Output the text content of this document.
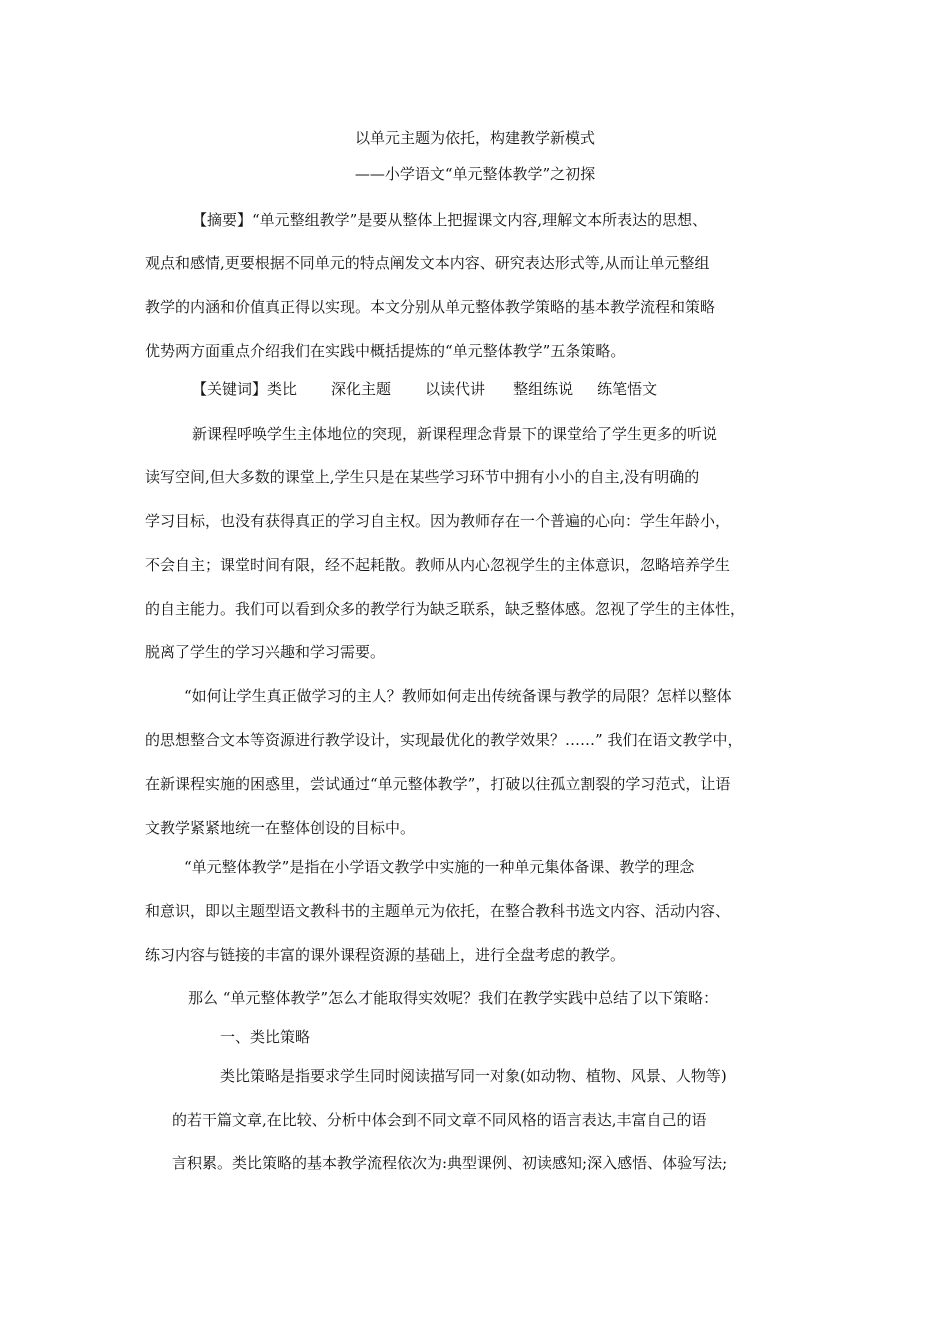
以单元主题为依托，构建教学新模式

——小学语文“单元整体教学”之初探

【摘要】“单元整组教学”是要从整体上把握课文内容,理解文本所表达的思想、

观点和感情,更要根据不同单元的特点阐发文本内容、研究表达形式等,从而让单元整组

教学的内涵和价值真正得以实现。本文分别从单元整体教学策略的基本教学流程和策略

优势两方面重点介绍我们在实践中概括提炼的“单元整体教学”五条策略。

【关键词】类比 深化主题 以读代讲 整组练说 练笔悟文

新课程呼唤学生主体地位的突现，新课程理念背景下的课堂给了学生更多的听说

读写空间,但大多数的课堂上,学生只是在某些学习环节中拥有小小的自主,没有明确的

学习目标，也没有获得真正的学习自主权。因为教师存在一个普遍的心向：学生年龄小，

不会自主；课堂时间有限，经不起耗散。教师从内心忽视学生的主体意识，忽略培养学生

的自主能力。我们可以看到众多的教学行为缺乏联系，缺乏整体感。忽视了学生的主体性，

脱离了学生的学习兴趣和学习需要。

“如何让学生真正做学习的主人？教师如何走出传统备课与教学的局限？怎样以整体

的思想整合文本等资源进行教学设计，实现最优化的教学效果？……” 我们在语文教学中，

在新课程实施的困惑里，尝试通过“单元整体教学”，打破以往孤立割裂的学习范式，让语

文教学紧紧地统一在整体创设的目标中。

“单元整体教学”是指在小学语文教学中实施的一种单元集体备课、教学的理念

和意识，即以主题型语文教科书的主题单元为依托，在整合教科书选文内容、活动内容、

练习内容与链接的丰富的课外课程资源的基础上，进行全盘考虑的教学。

那么 “单元整体教学”怎么才能取得实效呢？我们在教学实践中总结了以下策略：

一、类比策略

类比策略是指要求学生同时阅读描写同一对象(如动物、植物、风景、人物等)

的若干篇文章,在比较、分析中体会到不同文章不同风格的语言表达,丰富自己的语

言积累。类比策略的基本教学流程依次为:典型课例、初读感知;深入感悟、体验写法;
